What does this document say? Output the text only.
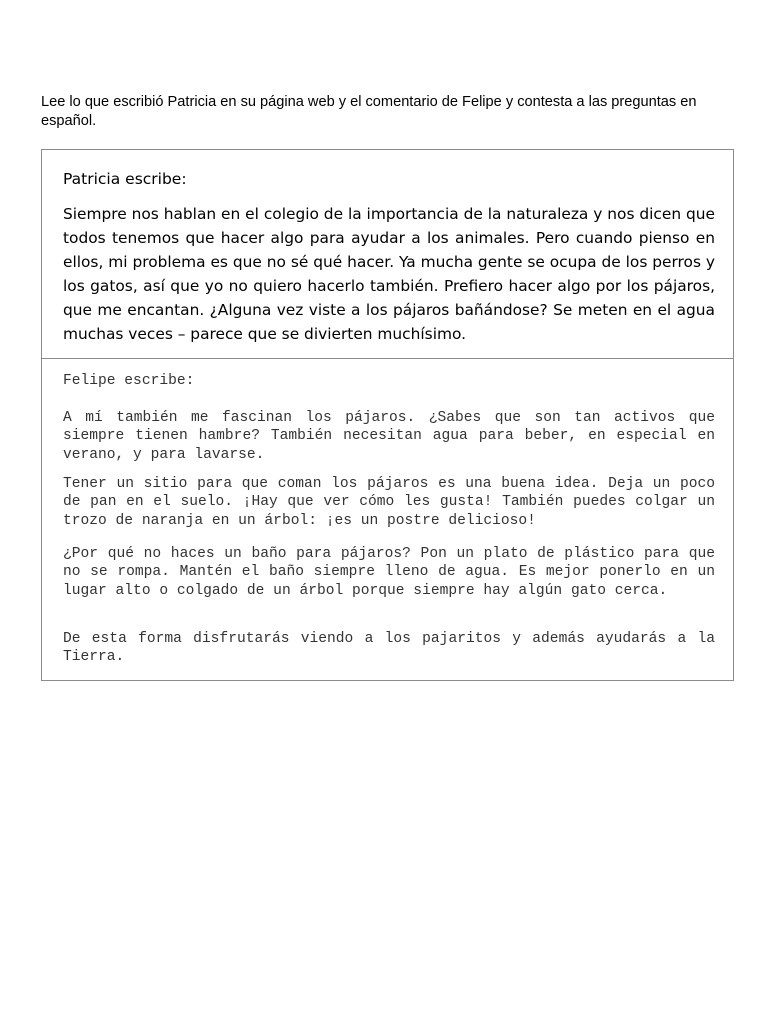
Lee lo que escribió Patricia en su página web y el comentario de Felipe y contesta a las preguntas en español.

Patricia escribe:

Siempre nos hablan en el colegio de la importancia de la naturaleza y nos dicen que todos tenemos que hacer algo para ayudar a los animales. Pero cuando pienso en ellos, mi problema es que no sé qué hacer. Ya mucha gente se ocupa de los perros y los gatos, así que yo no quiero hacerlo también. Prefiero hacer algo por los pájaros, que me encantan. ¿Alguna vez viste a los pájaros bañándose? Se meten en el agua muchas veces – parece que se divierten muchísimo.

Felipe escribe:

A mí también me fascinan los pájaros. ¿Sabes que son tan activos que siempre tienen hambre? También necesitan agua para beber, en especial en verano, y para lavarse.

Tener un sitio para que coman los pájaros es una buena idea. Deja un poco de pan en el suelo. ¡Hay que ver cómo les gusta! También puedes colgar un trozo de naranja en un árbol: ¡es un postre delicioso!

¿Por qué no haces un baño para pájaros? Pon un plato de plástico para que no se rompa. Mantén el baño siempre lleno de agua. Es mejor ponerlo en un lugar alto o colgado de un árbol porque siempre hay algún gato cerca.

De esta forma disfrutarás viendo a los pajaritos y además ayudarás a la Tierra.
